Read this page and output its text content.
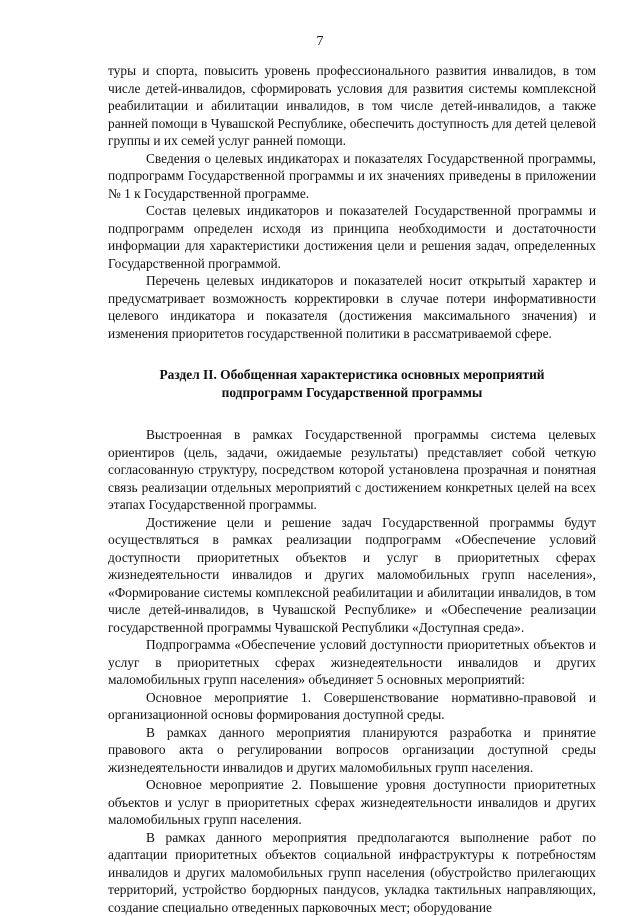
7

туры и спорта, повысить уровень профессионального развития инвалидов, в том числе детей-инвалидов, сформировать условия для развития системы комплексной реабилитации и абилитации инвалидов, в том числе детей-инвалидов, а также ранней помощи в Чувашской Республике, обеспечить доступность для детей целевой группы и их семей услуг ранней помощи.

Сведения о целевых индикаторах и показателях Государственной программы, подпрограмм Государственной программы и их значениях приведены в приложении № 1 к Государственной программе.

Состав целевых индикаторов и показателей Государственной программы и подпрограмм определен исходя из принципа необходимости и достаточности информации для характеристики достижения цели и решения задач, определенных Государственной программой.

Перечень целевых индикаторов и показателей носит открытый характер и предусматривает возможность корректировки в случае потери информативности целевого индикатора и показателя (достижения максимального значения) и изменения приоритетов государственной политики в рассматриваемой сфере.

Раздел II. Обобщенная характеристика основных мероприятий
подпрограмм Государственной программы

Выстроенная в рамках Государственной программы система целевых ориентиров (цель, задачи, ожидаемые результаты) представляет собой четкую согласованную структуру, посредством которой установлена прозрачная и понятная связь реализации отдельных мероприятий с достижением конкретных целей на всех этапах Государственной программы.

Достижение цели и решение задач Государственной программы будут осуществляться в рамках реализации подпрограмм «Обеспечение условий доступности приоритетных объектов и услуг в приоритетных сферах жизнедеятельности инвалидов и других маломобильных групп населения», «Формирование системы комплексной реабилитации и абилитации инвалидов, в том числе детей-инвалидов, в Чувашской Республике» и «Обеспечение реализации государственной программы Чувашской Республики «Доступная среда».

Подпрограмма «Обеспечение условий доступности приоритетных объектов и услуг в приоритетных сферах жизнедеятельности инвалидов и других маломобильных групп населения» объединяет 5 основных мероприятий:

Основное мероприятие 1. Совершенствование нормативно-правовой и организационной основы формирования доступной среды.

В рамках данного мероприятия планируются разработка и принятие правового акта о регулировании вопросов организации доступной среды жизнедеятельности инвалидов и других маломобильных групп населения.

Основное мероприятие 2. Повышение уровня доступности приоритетных объектов и услуг в приоритетных сферах жизнедеятельности инвалидов и других маломобильных групп населения.

В рамках данного мероприятия предполагаются выполнение работ по адаптации приоритетных объектов социальной инфраструктуры к потребностям инвалидов и других маломобильных групп населения (обустройство прилегающих территорий, устройство бордюрных пандусов, укладка тактильных направляющих, создание специально отведенных парковочных мест; оборудование
